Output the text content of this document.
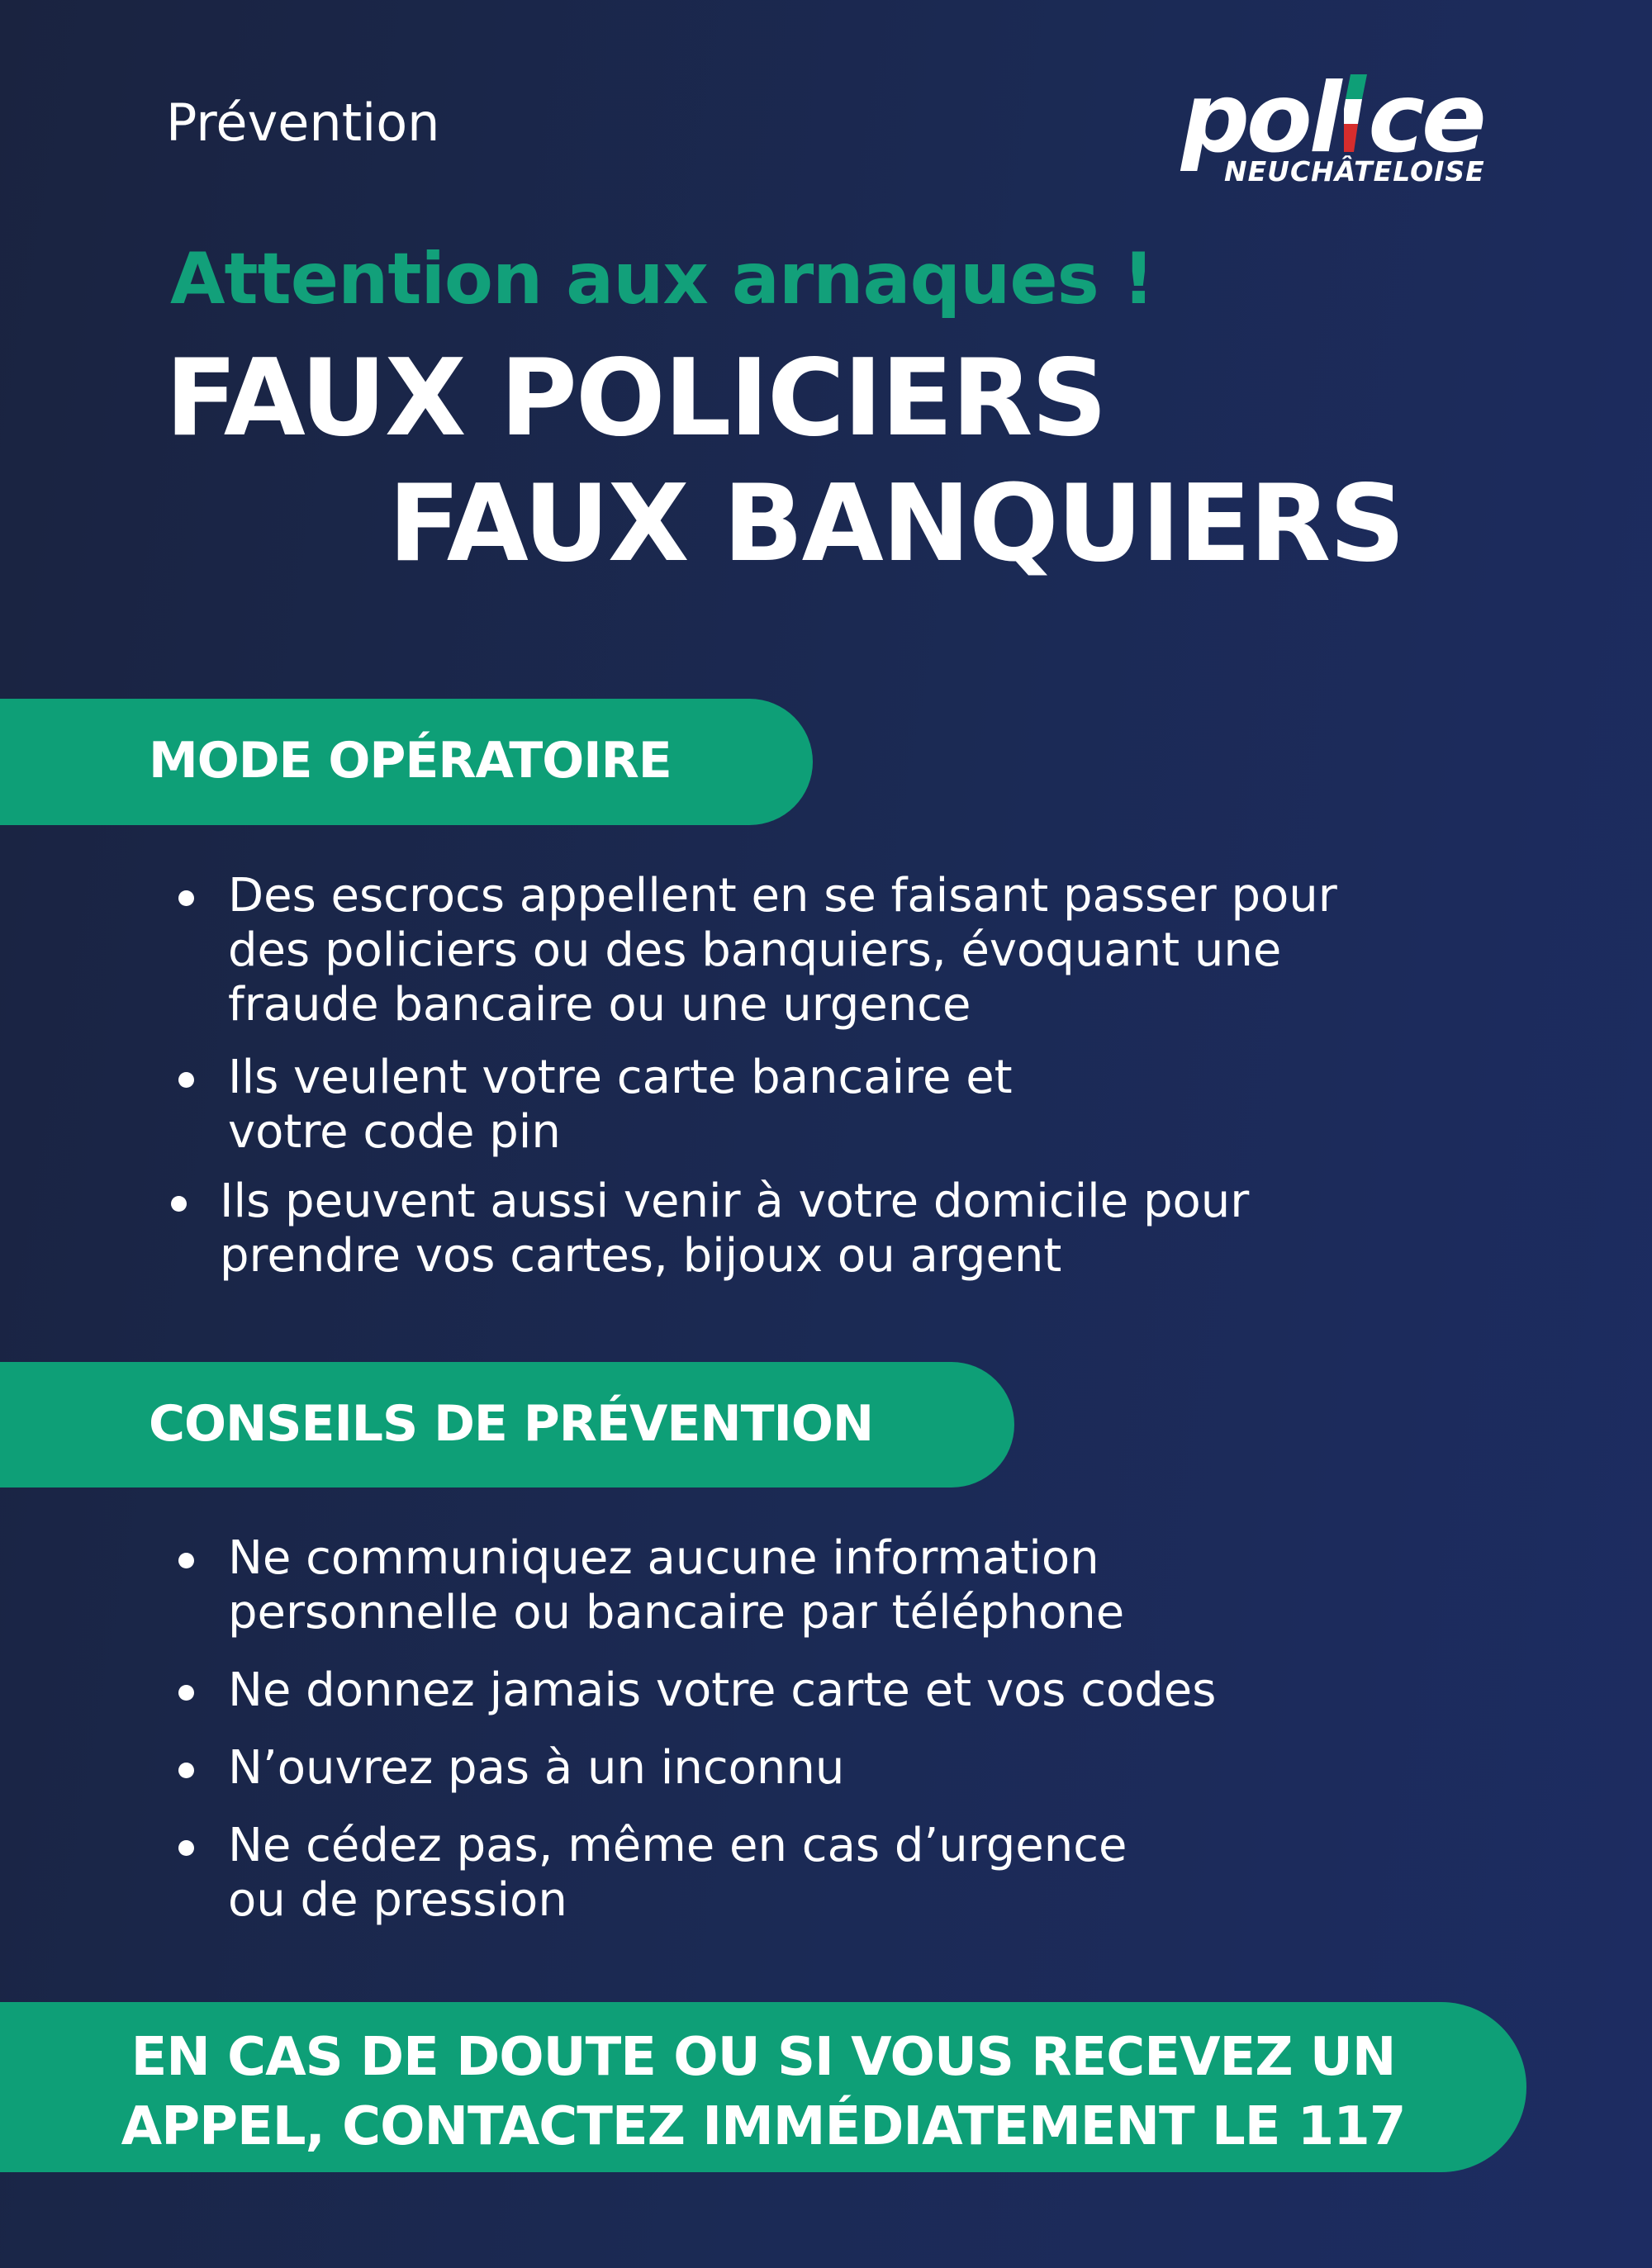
Prévention	pol ce
NEUCHÂTELOISE
Attention aux arnaques !
FAUX POLICIERS
FAUX BANQUIERS
MODE OPÉRATOIRE
Des escrocs appellent en se faisant passer pour
des policiers ou des banquiers, évoquant une
fraude bancaire ou une urgence
Ils veulent votre carte bancaire et
votre code pin
Ils peuvent aussi venir à votre domicile pour
prendre vos cartes, bijoux ou argent
CONSEILS DE PRÉVENTION
Ne communiquez aucune information
personnelle ou bancaire par téléphone
Ne donnez jamais votre carte et vos codes
N’ouvrez pas à un inconnu
Ne cédez pas, même en cas d’urgence
ou de pression
EN CAS DE DOUTE OU SI VOUS RECEVEZ UN
APPEL, CONTACTEZ IMMÉDIATEMENT LE 117
